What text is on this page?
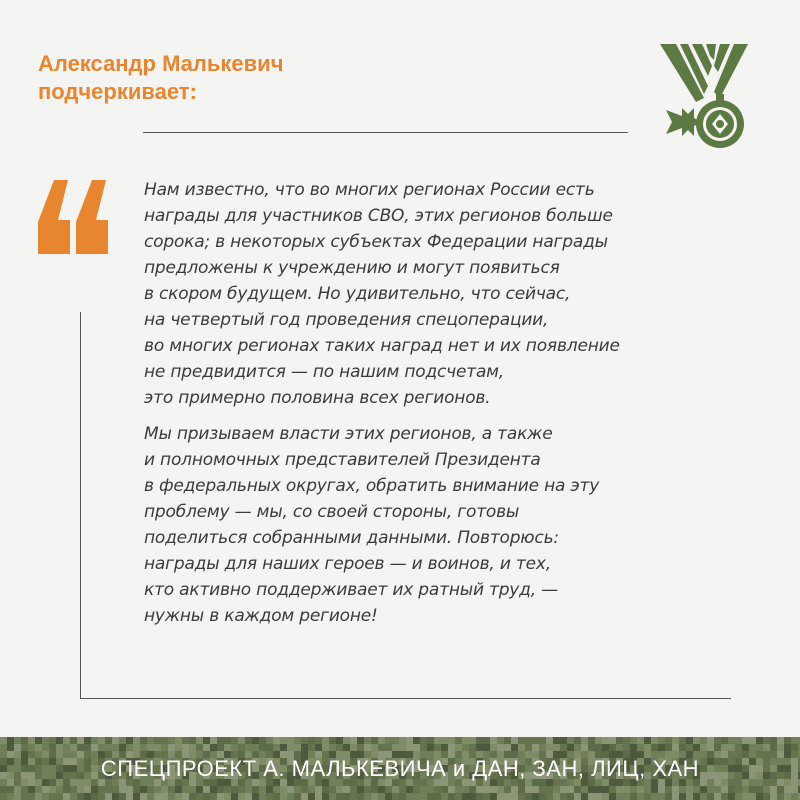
Александр Малькевич
подчеркивает:

Нам известно, что во многих регионах России есть
награды для участников СВО, этих регионов больше
сорока; в некоторых субъектах Федерации награды
предложены к учреждению и могут появиться
в скором будущем. Но удивительно, что сейчас,
на четвертый год проведения спецоперации,
во многих регионах таких наград нет и их появление
не предвидится — по нашим подсчетам,
это примерно половина всех регионов.

Мы призываем власти этих регионов, а также
и полномочных представителей Президента
в федеральных округах, обратить внимание на эту
проблему — мы, со своей стороны, готовы
поделиться собранными данными. Повторюсь:
награды для наших героев — и воинов, и тех,
кто активно поддерживает их ратный труд, —
нужны в каждом регионе!

СПЕЦПРОЕКТ А. МАЛЬКЕВИЧА и ДАН, ЗАН, ЛИЦ, ХАН
